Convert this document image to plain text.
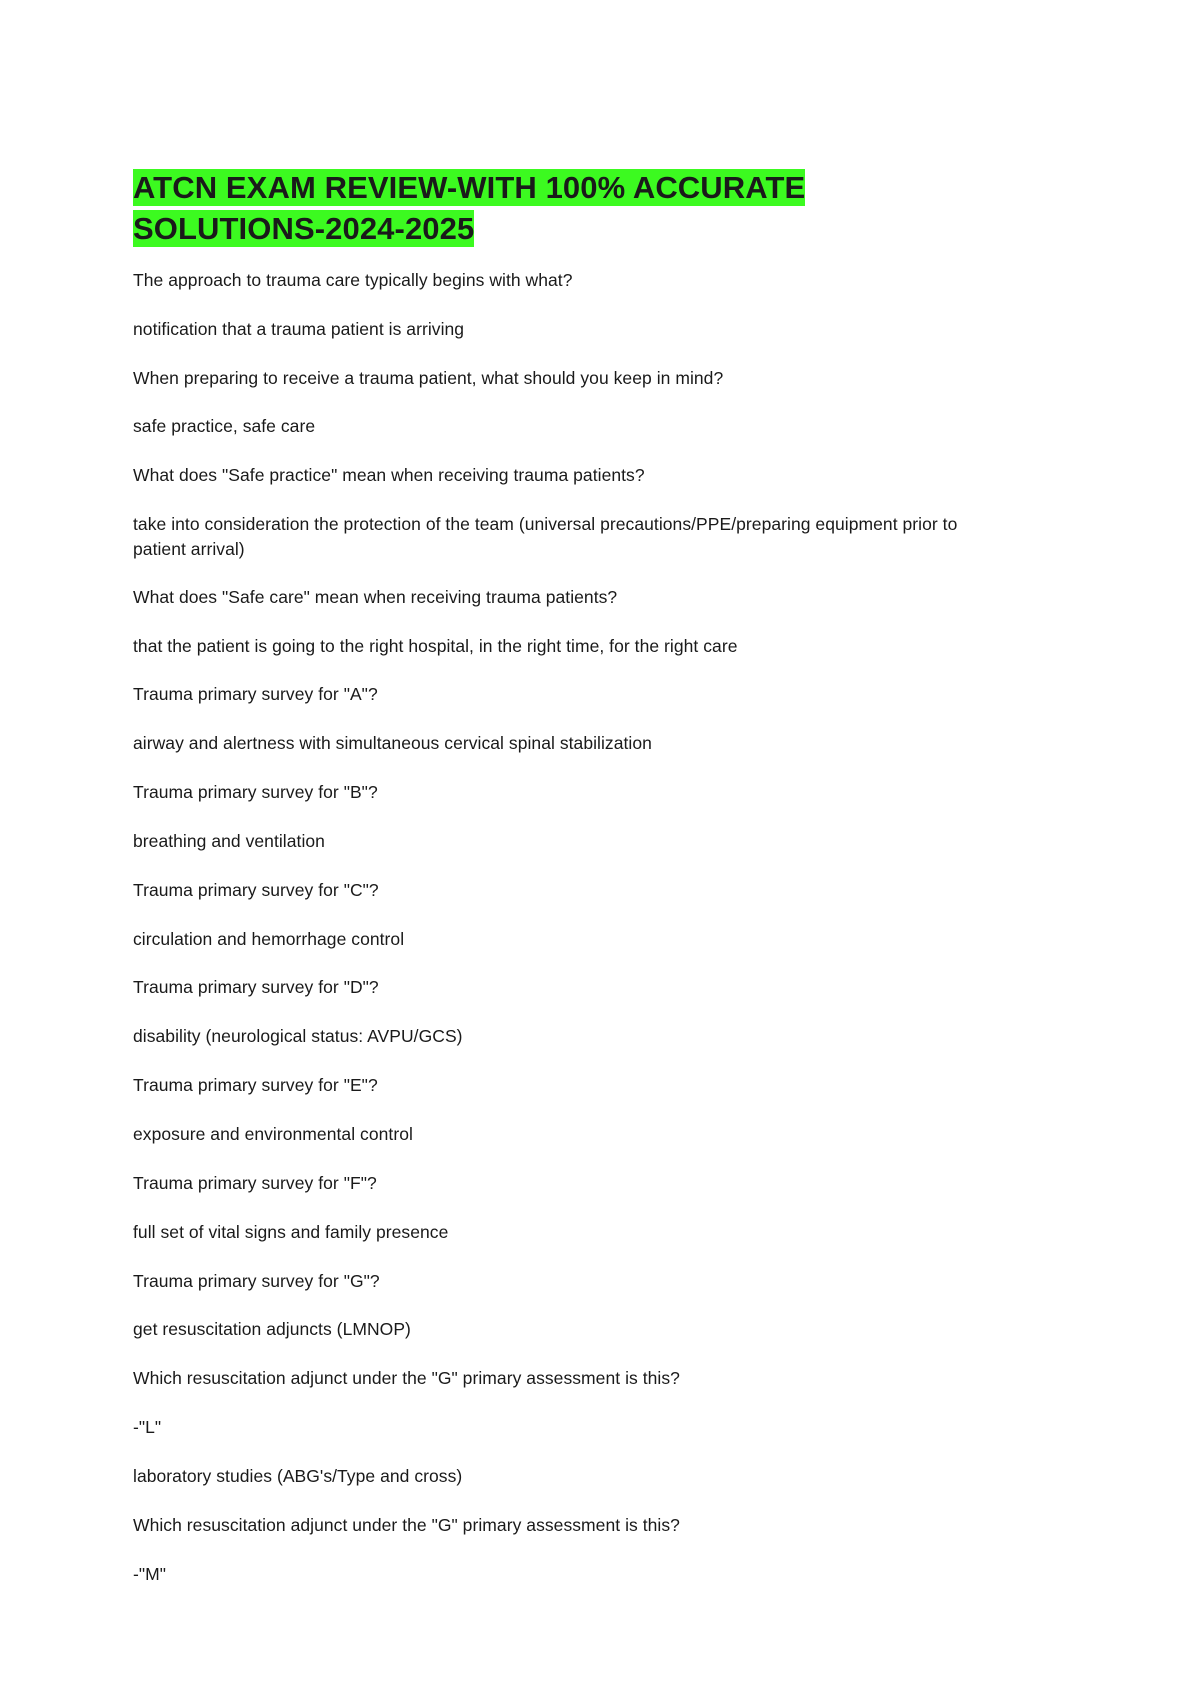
ATCN EXAM REVIEW-WITH 100% ACCURATE
SOLUTIONS-2024-2025

The approach to trauma care typically begins with what?

notification that a trauma patient is arriving

When preparing to receive a trauma patient, what should you keep in mind?

safe practice, safe care

What does "Safe practice" mean when receiving trauma patients?

take into consideration the protection of the team (universal precautions/PPE/preparing equipment prior to patient arrival)

What does "Safe care" mean when receiving trauma patients?

that the patient is going to the right hospital, in the right time, for the right care

Trauma primary survey for "A"?

airway and alertness with simultaneous cervical spinal stabilization

Trauma primary survey for "B"?

breathing and ventilation

Trauma primary survey for "C"?

circulation and hemorrhage control

Trauma primary survey for "D"?

disability (neurological status: AVPU/GCS)

Trauma primary survey for "E"?

exposure and environmental control

Trauma primary survey for "F"?

full set of vital signs and family presence

Trauma primary survey for "G"?

get resuscitation adjuncts (LMNOP)

Which resuscitation adjunct under the "G" primary assessment is this?

-"L"

laboratory studies (ABG's/Type and cross)

Which resuscitation adjunct under the "G" primary assessment is this?

-"M"
